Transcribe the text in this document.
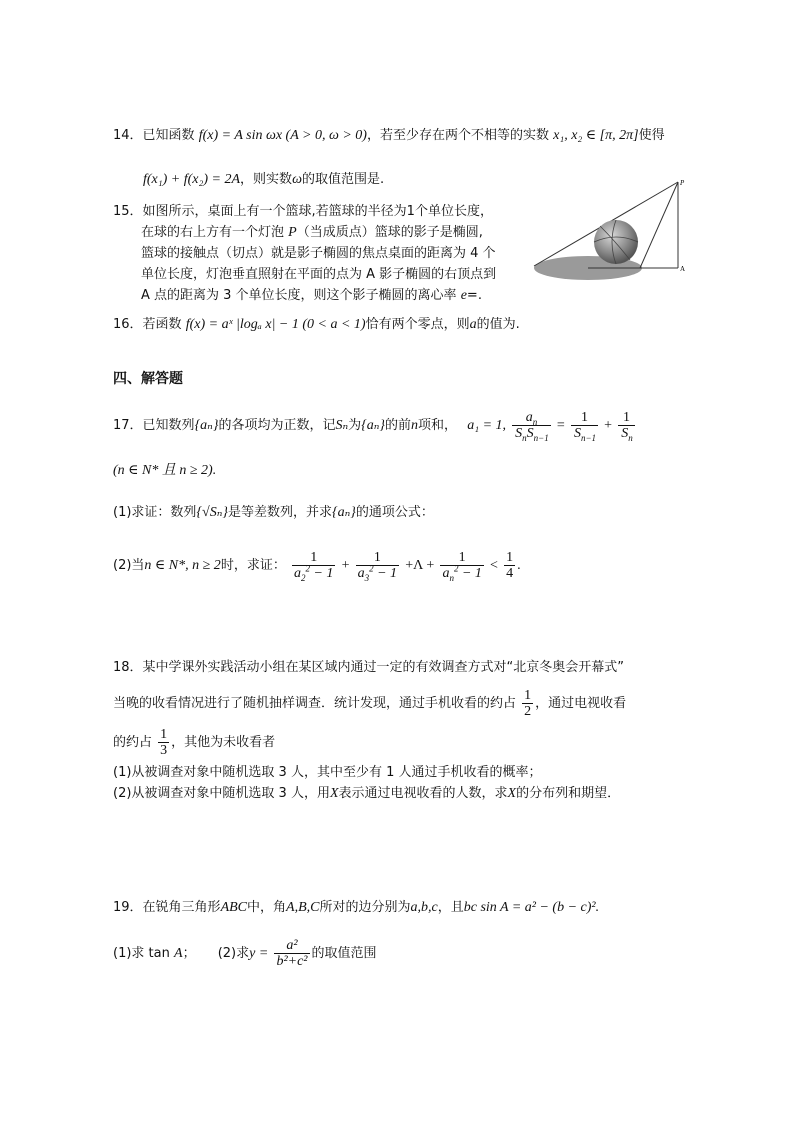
14．已知函数 f(x) = A sin ωx (A > 0, ω > 0)，若至少存在两个不相等的实数 x₁, x₂ ∈ [π, 2π]使得
f(x₁) + f(x₂) = 2A，则实数ω的取值范围是.
15．如图所示，桌面上有一个篮球,若篮球的半径为1个单位长度，
在球的右上方有一个灯泡 P（当成质点）篮球的影子是椭圆,
篮球的接触点（切点）就是影子椭圆的焦点桌面的距离为 4 个
单位长度，灯泡垂直照射在平面的点为 A 影子椭圆的右顶点到
A 点的距离为 3 个单位长度，则这个影子椭圆的离心率 e=.
P
A
16．若函数 f(x) = aˣ |logₐ x| − 1 (0 < a < 1)恰有两个零点，则a的值为.
四、解答题
17．已知数列{aₙ}的各项均为正数，记Sₙ为{aₙ}的前n项和， a₁ = 1, $\frac{a_n}{S_nS_{n-1}} = \frac{1}{S_{n-1}} + \frac{1}{S_n}$
(n ∈ N* 且 n ≥ 2).
(1)求证：数列{√Sₙ}是等差数列，并求{aₙ}的通项公式：
(2)当n ∈ N*, n ≥ 2时，求证： $\frac{1}{a_2^2 - 1} + \frac{1}{a_3^2 - 1} +\Lambda + \frac{1}{a_n^2 - 1} < \frac{1}{4}$ .
18．某中学课外实践活动小组在某区域内通过一定的有效调查方式对“北京冬奥会开幕式”
当晚的收看情况进行了随机抽样调查．统计发现，通过手机收看的约占 $\frac{1}{2}$ ，通过电视收看
的约占 $\frac{1}{3}$ ，其他为未收看者
(1)从被调查对象中随机选取 3 人，其中至少有 1 人通过手机收看的概率；
(2)从被调查对象中随机选取 3 人，用X表示通过电视收看的人数，求X的分布列和期望．
19．在锐角三角形ABC中，角A,B,C所对的边分别为a,b,c，且bc sin A = a² − (b − c)².
(1)求 tan A； (2)求$y = \frac{\text{a²}}{\text{b²+c²}}$ 的取值范围
